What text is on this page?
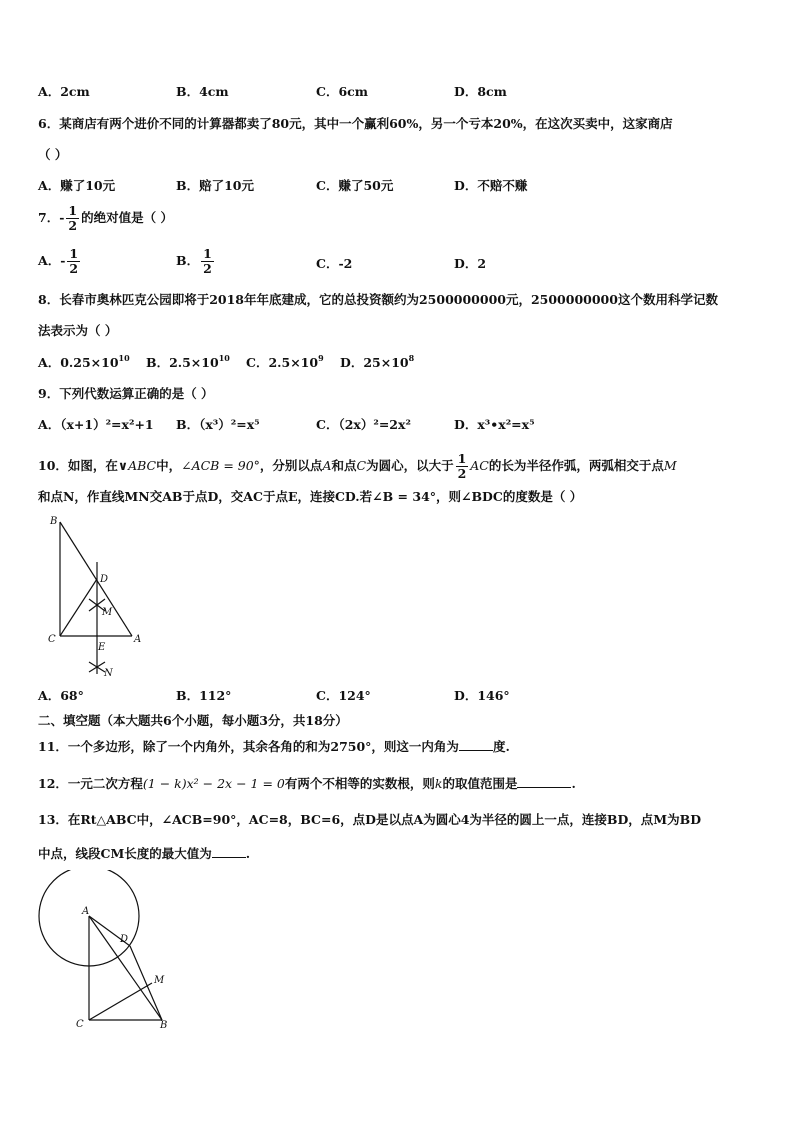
A．2cm	B．4cm	C．6cm	D．8cm
6．某商店有两个进价不同的计算器都卖了80元，其中一个赢利60%，另一个亏本20%，在这次买卖中，这家商店
（ ）
A．赚了10元	B．赔了10元	C．赚了50元	D．不赔不赚
7．- $\frac{1}{2}$ 的绝对值是（ ）
A．- $\frac{1}{2}$	B． $\frac{1}{2}$	C．-2	D．2
8．长春市奥林匹克公园即将于2018年年底建成，它的总投资额约为2500000000元，2500000000这个数用科学记数
法表示为（ ）
A．$0.25\times 10^{10}$ B．$2.5\times 10^{10}$ C．$2.5\times 10^9$ D．$25\times 10^8$
9．下列代数运算正确的是（ ）
A．（x+1）²=x²+1 B．（x³）²=x⁵	C．（2x）²=2x²	D．x³•x²=x⁵
10．如图，在∨ABC中，∠ACB = 90°，分别以点A和点C为圆心，以大于 $\frac{1}{2}$ AC的长为半径作弧，两弧相交于点M
和点N，作直线MN交AB于点D，交AC于点E，连接CD.若∠B = 34°，则∠BDC的度数是（ ）
B
D
M
C	A
E
N
A．68°	B．112°	C．124°	D．146°
二、填空题（本大题共6个小题，每小题3分，共18分）
11．一个多边形，除了一个内角外，其余各角的和为2750°，则这一内角为	度.
12．一元二次方程(1 − k)x² − 2x − 1 = 0有两个不相等的实数根，则k的取值范围是	.
13．在Rt△ABC中，∠ACB=90°，AC=8，BC=6，点D是以点A为圆心4为半径的圆上一点，连接BD，点M为BD
中点，线段CM长度的最大值为	.
A
D
M
C	B
